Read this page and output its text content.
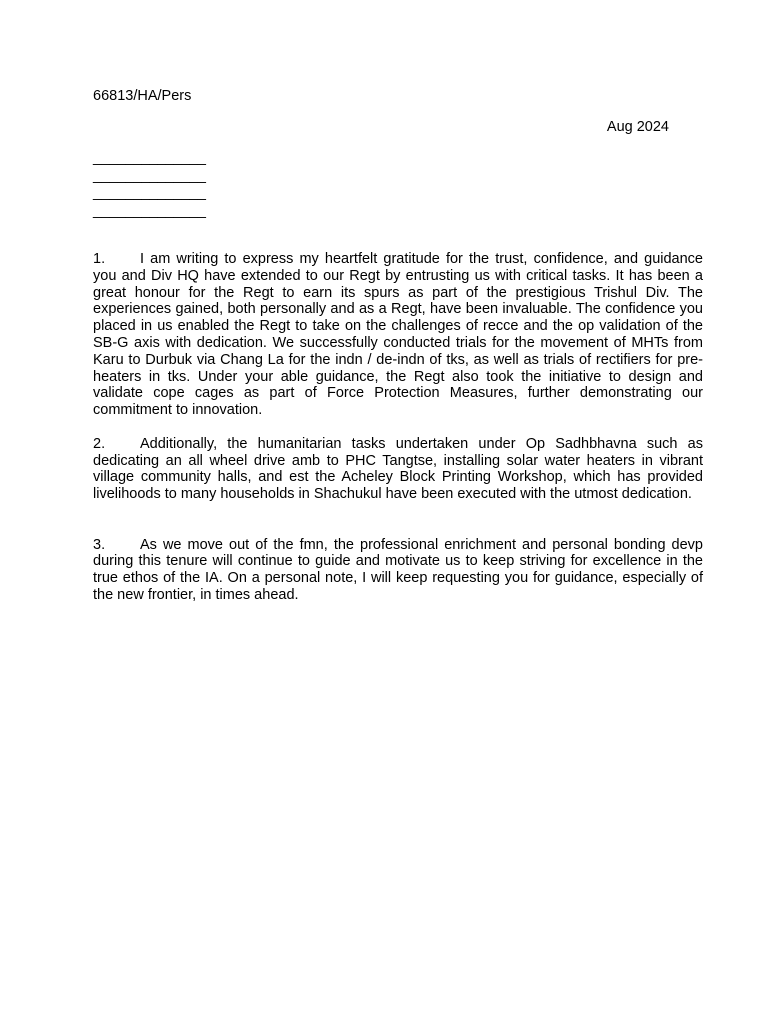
66813/HA/Pers
Aug 2024
______________
______________
______________
______________

1. I am writing to express my heartfelt gratitude for the trust, confidence, and guidance you and Div HQ have extended to our Regt by entrusting us with critical tasks. It has been a great honour for the Regt to earn its spurs as part of the prestigious Trishul Div. The experiences gained, both personally and as a Regt, have been invaluable. The confidence you placed in us enabled the Regt to take on the challenges of recce and the op validation of the SB-G axis with dedication. We successfully conducted trials for the movement of MHTs from Karu to Durbuk via Chang La for the indn / de-indn of tks, as well as trials of rectifiers for pre-heaters in tks. Under your able guidance, the Regt also took the initiative to design and validate cope cages as part of Force Protection Measures, further demonstrating our commitment to innovation.

2. Additionally, the humanitarian tasks undertaken under Op Sadhbhavna such as dedicating an all wheel drive amb to PHC Tangtse, installing solar water heaters in vibrant village community halls, and est the Acheley Block Printing Workshop, which has provided livelihoods to many households in Shachukul have been executed with the utmost dedication.

3. As we move out of the fmn, the professional enrichment and personal bonding devp during this tenure will continue to guide and motivate us to keep striving for excellence in the true ethos of the IA. On a personal note, I will keep requesting you for guidance, especially of the new frontier, in times ahead.
